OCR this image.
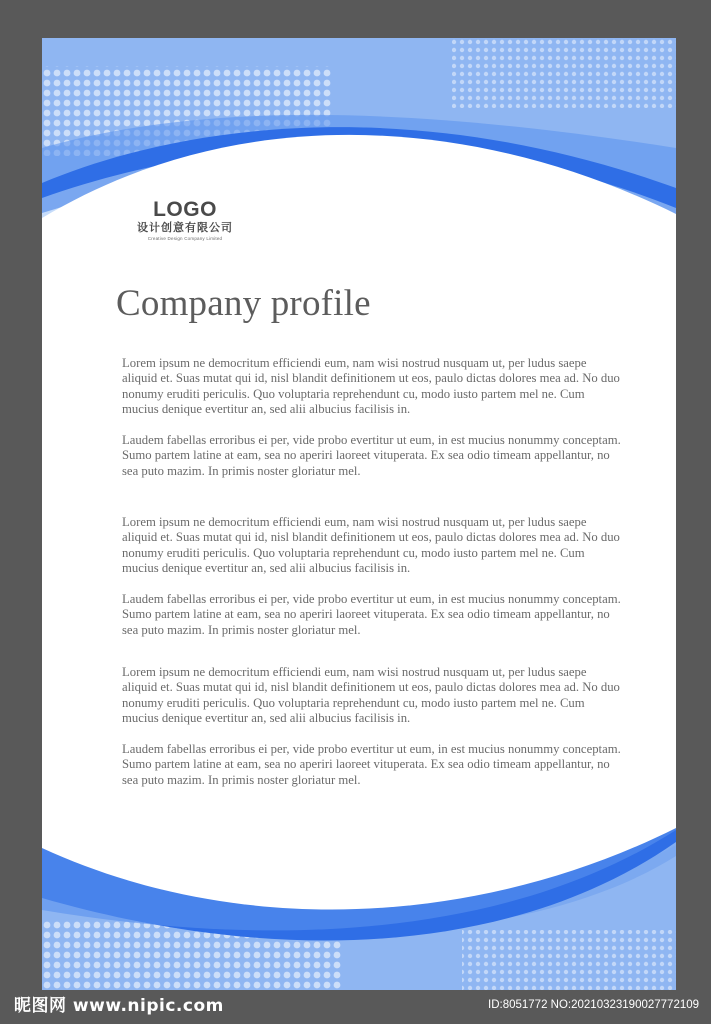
LOGO
设计创意有限公司
Creative Design Company Limited
Company profile

Lorem ipsum ne democritum efficiendi eum, nam wisi nostrud nusquam ut, per ludus saepe aliquid et. Suas mutat qui id, nisl blandit definitionem ut eos, paulo dictas dolores mea ad. No duo nonumy eruditi periculis. Quo voluptaria reprehendunt cu, modo iusto partem mel ne. Cum mucius denique evertitur an, sed alii albucius facilisis in.

Laudem fabellas erroribus ei per, vide probo evertitur ut eum, in est mucius nonummy conceptam. Sumo partem latine at eam, sea no aperiri laoreet vituperata. Ex sea odio timeam appellantur, no sea puto mazim. In primis noster gloriatur mel.

Lorem ipsum ne democritum efficiendi eum, nam wisi nostrud nusquam ut, per ludus saepe aliquid et. Suas mutat qui id, nisl blandit definitionem ut eos, paulo dictas dolores mea ad. No duo nonumy eruditi periculis. Quo voluptaria reprehendunt cu, modo iusto partem mel ne. Cum mucius denique evertitur an, sed alii albucius facilisis in.

Laudem fabellas erroribus ei per, vide probo evertitur ut eum, in est mucius nonummy conceptam. Sumo partem latine at eam, sea no aperiri laoreet vituperata. Ex sea odio timeam appellantur, no sea puto mazim. In primis noster gloriatur mel.

Lorem ipsum ne democritum efficiendi eum, nam wisi nostrud nusquam ut, per ludus saepe aliquid et. Suas mutat qui id, nisl blandit definitionem ut eos, paulo dictas dolores mea ad. No duo nonumy eruditi periculis. Quo voluptaria reprehendunt cu, modo iusto partem mel ne. Cum mucius denique evertitur an, sed alii albucius facilisis in.

Laudem fabellas erroribus ei per, vide probo evertitur ut eum, in est mucius nonummy conceptam. Sumo partem latine at eam, sea no aperiri laoreet vituperata. Ex sea odio timeam appellantur, no sea puto mazim. In primis noster gloriatur mel.

昵图网 www.nipic.com	ID:8051772 NO:20210323190027772109
